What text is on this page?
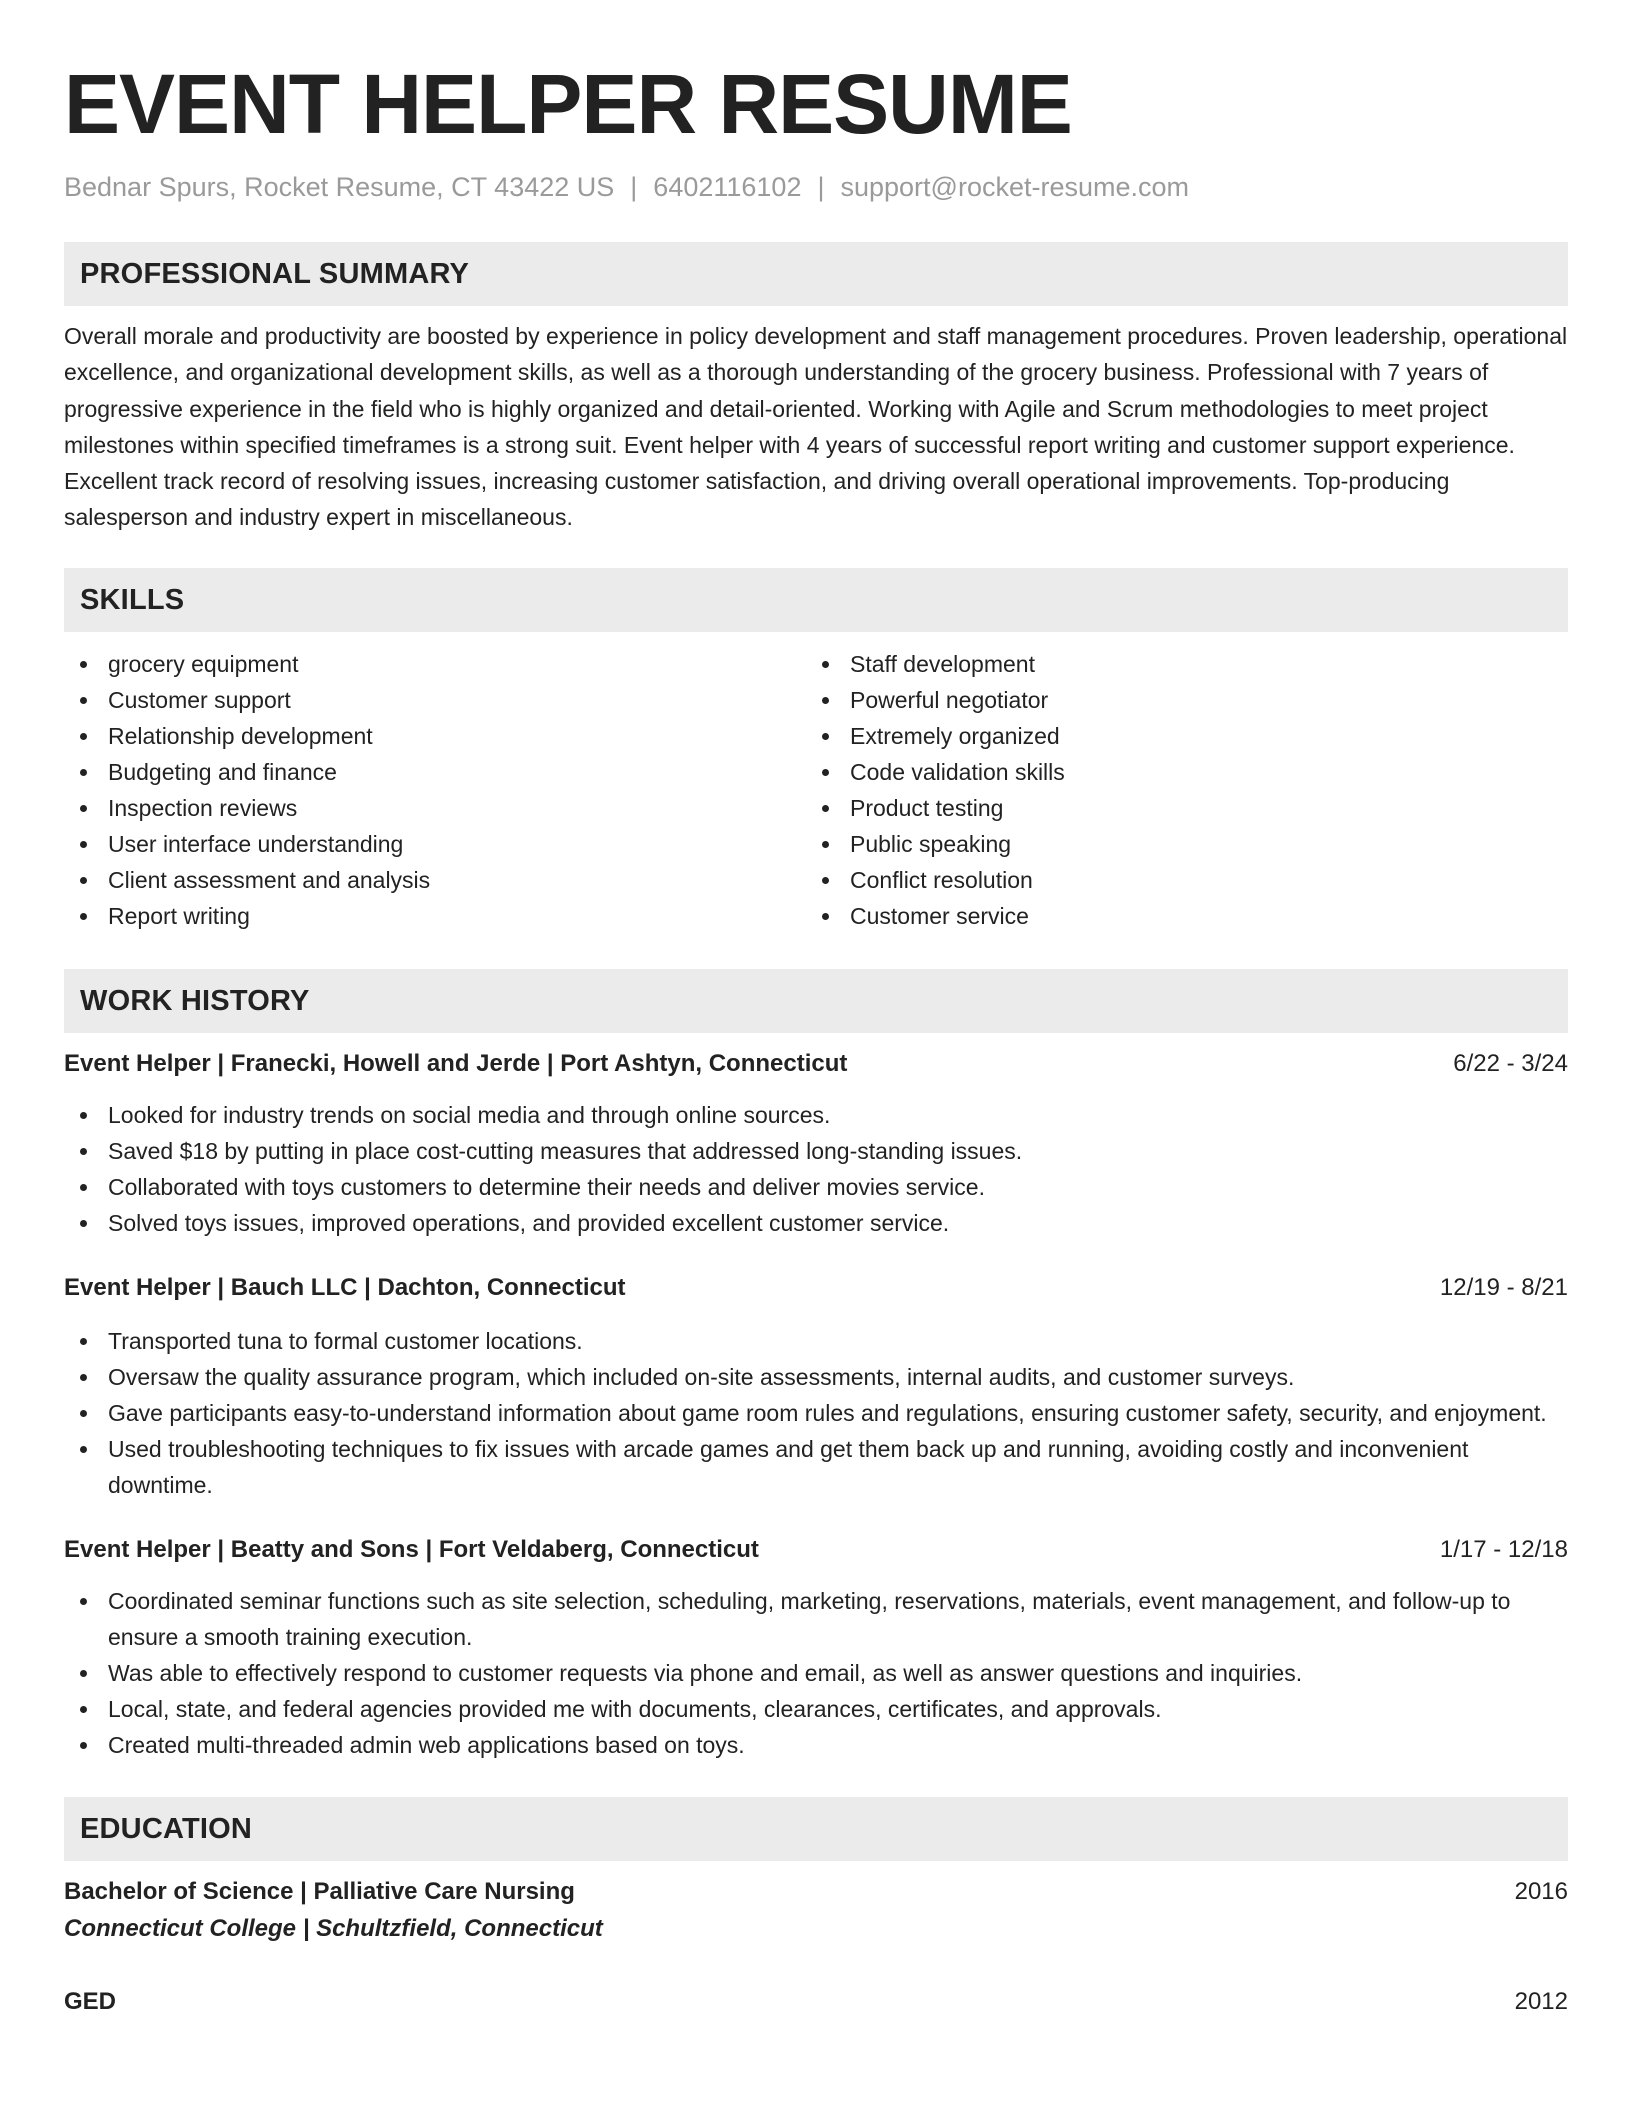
EVENT HELPER RESUME
Bednar Spurs, Rocket Resume, CT 43422 US | 6402116102 | support@rocket-resume.com
PROFESSIONAL SUMMARY
Overall morale and productivity are boosted by experience in policy development and staff management procedures. Proven leadership, operational excellence, and organizational development skills, as well as a thorough understanding of the grocery business. Professional with 7 years of progressive experience in the field who is highly organized and detail-oriented. Working with Agile and Scrum methodologies to meet project milestones within specified timeframes is a strong suit. Event helper with 4 years of successful report writing and customer support experience. Excellent track record of resolving issues, increasing customer satisfaction, and driving overall operational improvements. Top-producing salesperson and industry expert in miscellaneous.
SKILLS
grocery equipment
Customer support
Relationship development
Budgeting and finance
Inspection reviews
User interface understanding
Client assessment and analysis
Report writing
Staff development
Powerful negotiator
Extremely organized
Code validation skills
Product testing
Public speaking
Conflict resolution
Customer service
WORK HISTORY
Event Helper | Franecki, Howell and Jerde | Port Ashtyn, Connecticut	6/22 - 3/24
Looked for industry trends on social media and through online sources.
Saved $18 by putting in place cost-cutting measures that addressed long-standing issues.
Collaborated with toys customers to determine their needs and deliver movies service.
Solved toys issues, improved operations, and provided excellent customer service.
Event Helper | Bauch LLC | Dachton, Connecticut	12/19 - 8/21
Transported tuna to formal customer locations.
Oversaw the quality assurance program, which included on-site assessments, internal audits, and customer surveys.
Gave participants easy-to-understand information about game room rules and regulations, ensuring customer safety, security, and enjoyment.
Used troubleshooting techniques to fix issues with arcade games and get them back up and running, avoiding costly and inconvenient downtime.
Event Helper | Beatty and Sons | Fort Veldaberg, Connecticut	1/17 - 12/18
Coordinated seminar functions such as site selection, scheduling, marketing, reservations, materials, event management, and follow-up to ensure a smooth training execution.
Was able to effectively respond to customer requests via phone and email, as well as answer questions and inquiries.
Local, state, and federal agencies provided me with documents, clearances, certificates, and approvals.
Created multi-threaded admin web applications based on toys.
EDUCATION
Bachelor of Science | Palliative Care Nursing	2016
Connecticut College | Schultzfield, Connecticut
GED	2012
